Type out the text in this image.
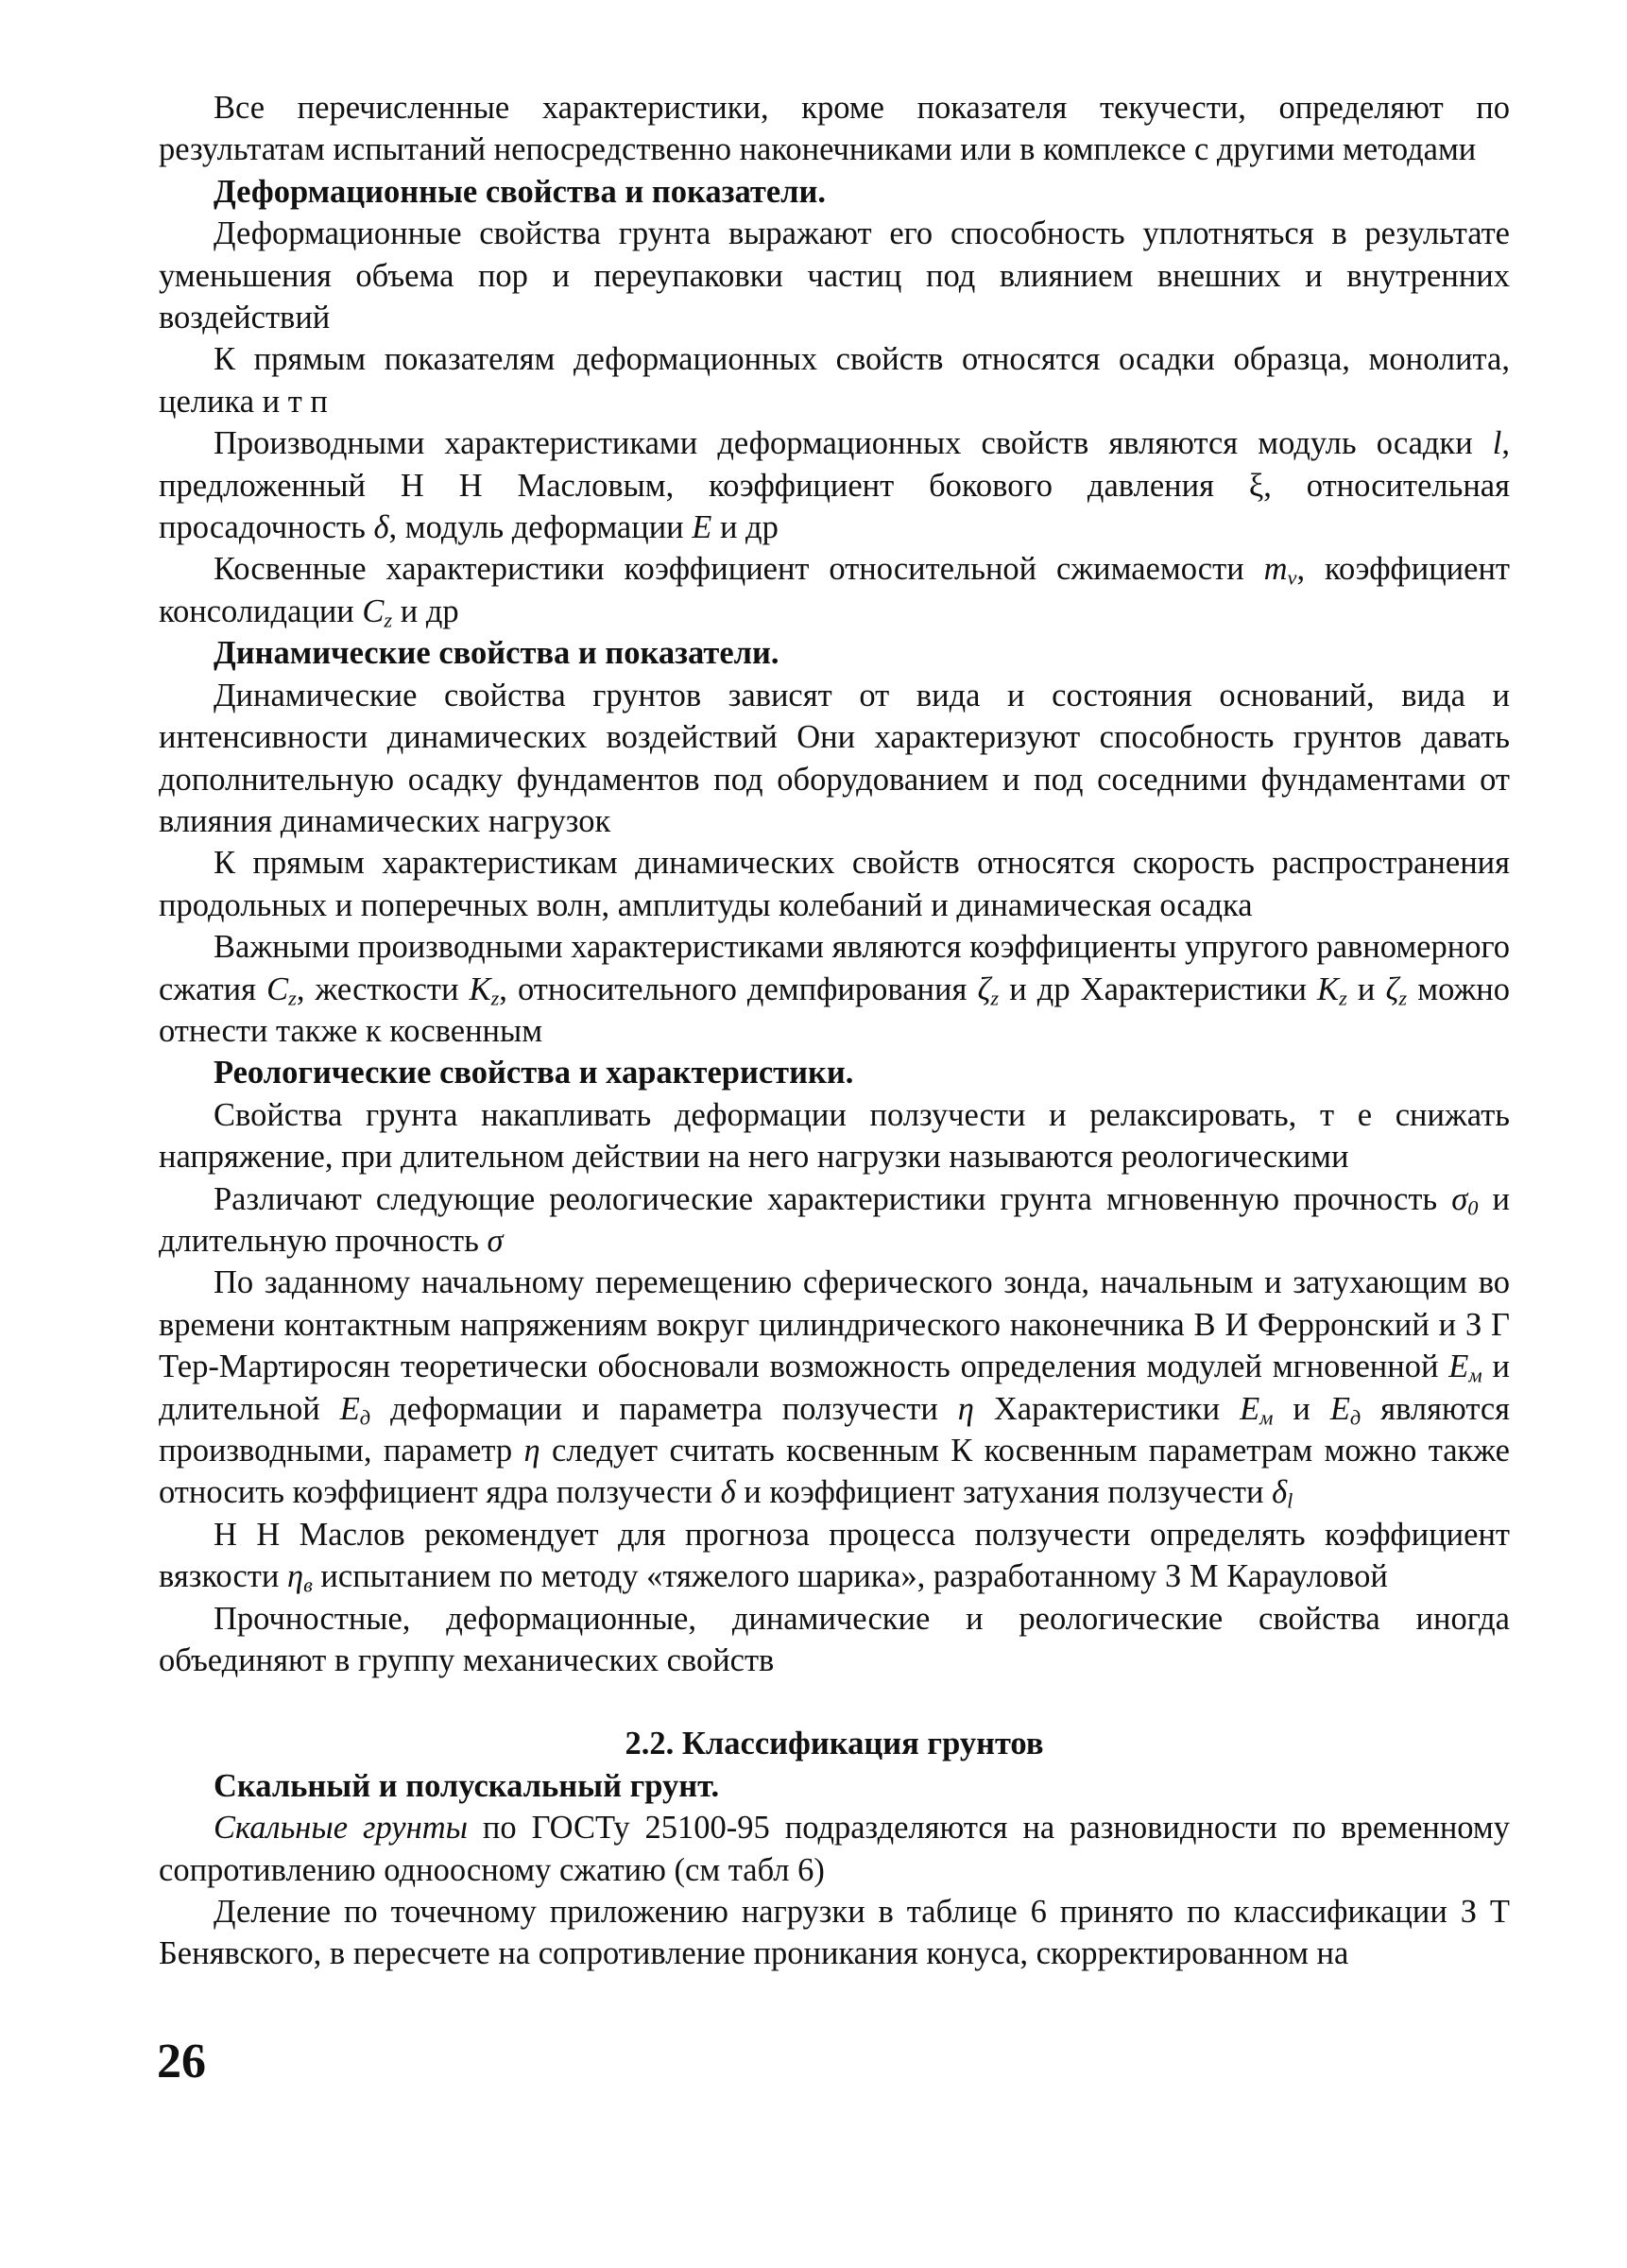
Все перечисленные характеристики, кроме показателя текучести, определяют по результатам испытаний непосредственно наконечниками или в комплексе с другими методами

Деформационные свойства и показатели.

Деформационные свойства грунта выражают его способность уплотняться в результате уменьшения объема пор и переупаковки частиц под влиянием внешних и внутренних воздействий

К прямым показателям деформационных свойств относятся осадки образца, монолита, целика и т п

Производными характеристиками деформационных свойств являются модуль осадки l, предложенный Н Н Масловым, коэффициент бокового давления ξ, относительная просадочность δ, модуль деформации E и др

Косвенные характеристики коэффициент относительной сжимаемости $m_v$, коэффициент консолидации $C_z$ и др

Динамические свойства и показатели.

Динамические свойства грунтов зависят от вида и состояния оснований, вида и интенсивности динамических воздействий Они характеризуют способность грунтов давать дополнительную осадку фундаментов под оборудованием и под соседними фундаментами от влияния динамических нагрузок

К прямым характеристикам динамических свойств относятся скорость распространения продольных и поперечных волн, амплитуды колебаний и динамическая осадка

Важными производными характеристиками являются коэффициенты упругого равномерного сжатия $C_z$, жесткости $K_z$, относительного демпфирования $\zeta_z$ и др Характеристики $K_z$ и $\zeta_z$ можно отнести также к косвенным

Реологические свойства и характеристики.

Свойства грунта накапливать деформации ползучести и релаксировать, т е снижать напряжение, при длительном действии на него нагрузки называются реологическими

Различают следующие реологические характеристики грунта мгновенную прочность $\sigma_0$ и длительную прочность σ

По заданному начальному перемещению сферического зонда, начальным и затухающим во времени контактным напряжениям вокруг цилиндрического наконечника В И Ферронский и З Г Тер-Мартиросян теоретически обосновали возможность определения модулей мгновенной $E_м$ и длительной $E_д$ деформации и параметра ползучести η Характеристики $E_м$ и $E_д$ являются производными, параметр η следует считать косвенным К косвенным параметрам можно также относить коэффициент ядра ползучести δ и коэффициент затухания ползучести $\delta_l$

Н Н Маслов рекомендует для прогноза процесса ползучести определять коэффициент вязкости $\eta_в$ испытанием по методу «тяжелого шарика», разработанному З М Карауловой

Прочностные, деформационные, динамические и реологические свойства иногда объединяют в группу механических свойств

2.2. Классификация грунтов

Скальный и полускальный грунт.

Скальные грунты по ГОСТу 25100-95 подразделяются на разновидности по временному сопротивлению одноосному сжатию (см табл 6)

Деление по точечному приложению нагрузки в таблице 6 принято по классификации З Т Бенявского, в пересчете на сопротивление проникания конуса, скорректированном на

26
